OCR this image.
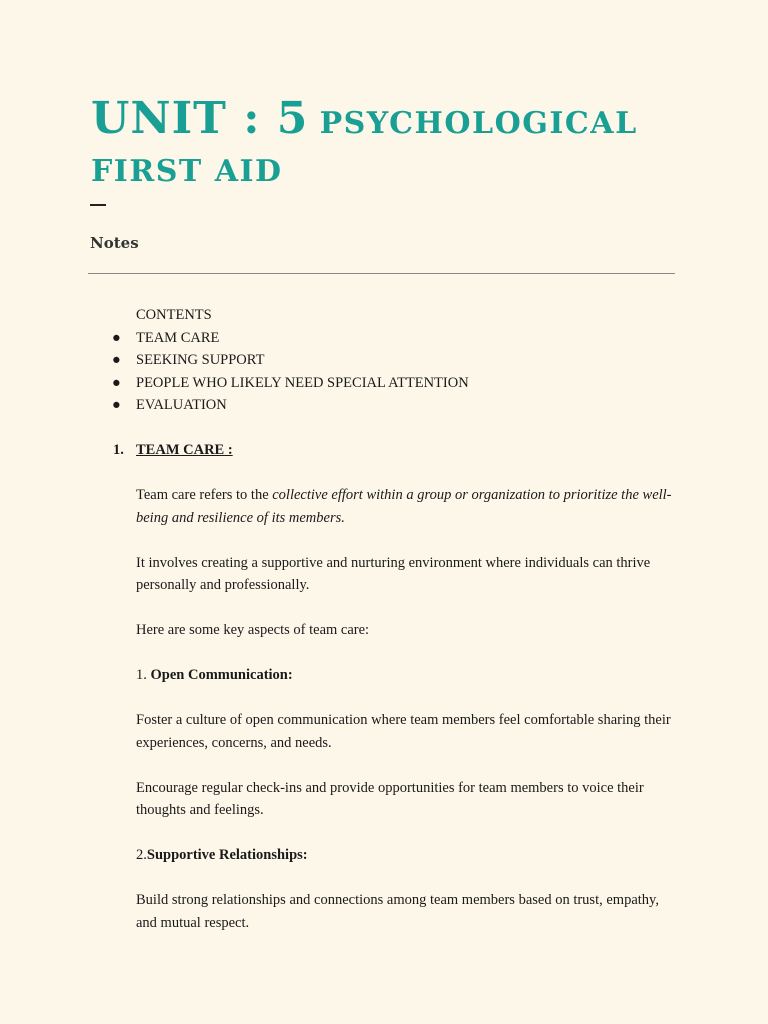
UNIT : 5 PSYCHOLOGICAL FIRST AID
Notes

CONTENTS

● TEAM CARE
● SEEKING SUPPORT
● PEOPLE WHO LIKELY NEED SPECIAL ATTENTION
● EVALUATION
1. TEAM CARE :

Team care refers to the collective effort within a group or organization to prioritize the well-being and resilience of its members.

It involves creating a supportive and nurturing environment where individuals can thrive personally and professionally.

Here are some key aspects of team care:

1. Open Communication:

Foster a culture of open communication where team members feel comfortable sharing their experiences, concerns, and needs.

Encourage regular check-ins and provide opportunities for team members to voice their thoughts and feelings.

2.Supportive Relationships:

Build strong relationships and connections among team members based on trust, empathy, and mutual respect.
